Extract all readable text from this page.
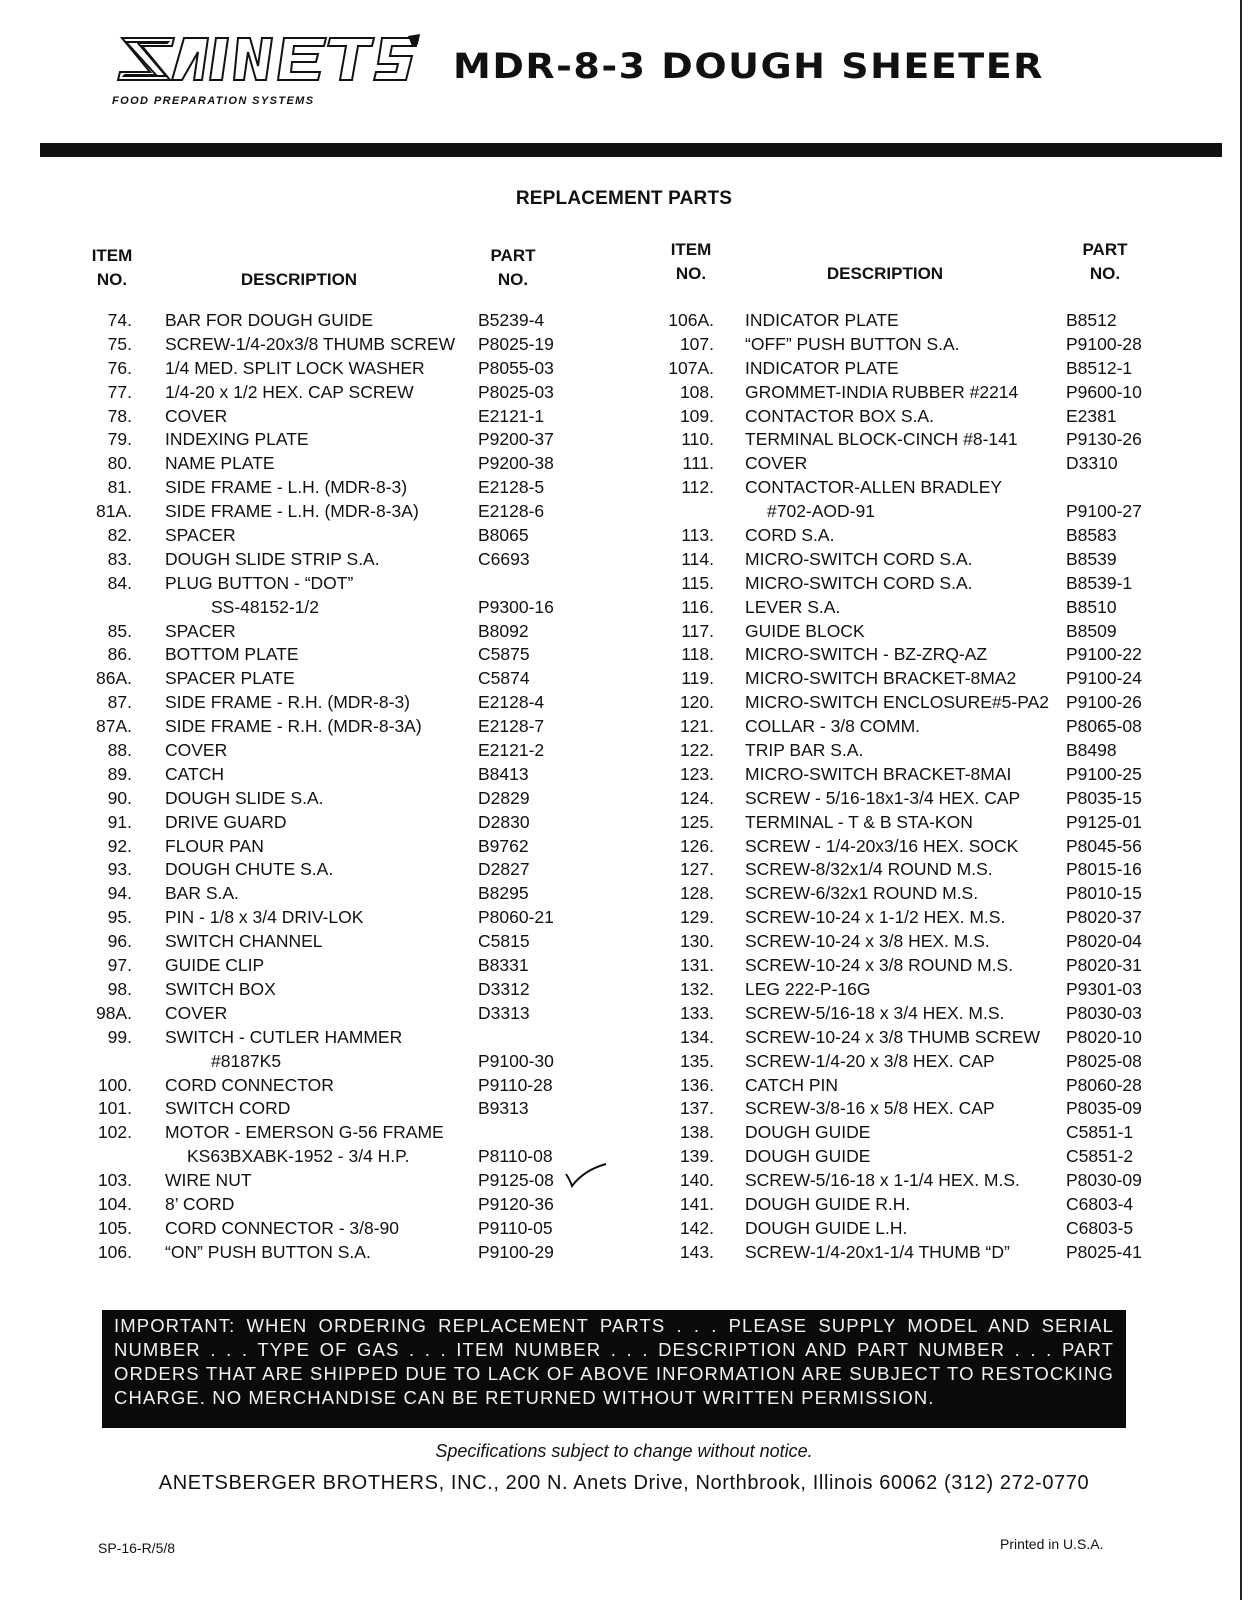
FOOD PREPARATION SYSTEMS
MDR-8-3 DOUGH SHEETER
REPLACEMENT PARTS
ITEM
NO.	DESCRIPTION
PART
NO.
ITEM
NO.	DESCRIPTION
PART
NO.
74. BAR FOR DOUGH GUIDE	B5239-4
75. SCREW-1/4-20x3/8 THUMB SCREW P8025-19
76. 1/4 MED. SPLIT LOCK WASHER	P8055-03
77. 1/4-20 x 1/2 HEX. CAP SCREW	P8025-03
78. COVER	E2121-1
79. INDEXING PLATE	P9200-37
80. NAME PLATE	P9200-38
81. SIDE FRAME - L.H. (MDR-8-3)	E2128-5
81A. SIDE FRAME - L.H. (MDR-8-3A)	E2128-6
82. SPACER	B8065
83. DOUGH SLIDE STRIP S.A.	C6693
84. PLUG BUTTON - “DOT”
SS-48152-1/2	P9300-16
85. SPACER	B8092
86. BOTTOM PLATE	C5875
86A. SPACER PLATE	C5874
87. SIDE FRAME - R.H. (MDR-8-3)	E2128-4
87A. SIDE FRAME - R.H. (MDR-8-3A)	E2128-7
88. COVER	E2121-2
89. CATCH	B8413
90. DOUGH SLIDE S.A.	D2829
91. DRIVE GUARD	D2830
92. FLOUR PAN	B9762
93. DOUGH CHUTE S.A.	D2827
94. BAR S.A.	B8295
95. PIN - 1/8 x 3/4 DRIV-LOK	P8060-21
96. SWITCH CHANNEL	C5815
97. GUIDE CLIP	B8331
98. SWITCH BOX	D3312
98A. COVER	D3313
99. SWITCH - CUTLER HAMMER
#8187K5	P9100-30
100. CORD CONNECTOR	P9110-28
101. SWITCH CORD	B9313
102. MOTOR - EMERSON G-56 FRAME
KS63BXABK-1952 - 3/4 H.P.	P8110-08
103. WIRE NUT	P9125-08
104. 8’ CORD	P9120-36
105. CORD CONNECTOR - 3/8-90	P9110-05
106. “ON” PUSH BUTTON S.A.	P9100-29
106A. INDICATOR PLATE	B8512
107. “OFF” PUSH BUTTON S.A.	P9100-28
107A. INDICATOR PLATE	B8512-1
108. GROMMET-INDIA RUBBER #2214	P9600-10
109. CONTACTOR BOX S.A.	E2381
110. TERMINAL BLOCK-CINCH #8-141	P9130-26
111. COVER	D3310
112. CONTACTOR-ALLEN BRADLEY
#702-AOD-91	P9100-27
113. CORD S.A.	B8583
114. MICRO-SWITCH CORD S.A.	B8539
115. MICRO-SWITCH CORD S.A.	B8539-1
116. LEVER S.A.	B8510
117. GUIDE BLOCK	B8509
118. MICRO-SWITCH - BZ-ZRQ-AZ	P9100-22
119. MICRO-SWITCH BRACKET-8MA2	P9100-24
120. MICRO-SWITCH ENCLOSURE#5-PA2 P9100-26
121. COLLAR - 3/8 COMM.	P8065-08
122. TRIP BAR S.A.	B8498
123. MICRO-SWITCH BRACKET-8MAI	P9100-25
124. SCREW - 5/16-18x1-3/4 HEX. CAP	P8035-15
125. TERMINAL - T & B STA-KON	P9125-01
126. SCREW - 1/4-20x3/16 HEX. SOCK	P8045-56
127. SCREW-8/32x1/4 ROUND M.S.	P8015-16
128. SCREW-6/32x1 ROUND M.S.	P8010-15
129. SCREW-10-24 x 1-1/2 HEX. M.S.	P8020-37
130. SCREW-10-24 x 3/8 HEX. M.S.	P8020-04
131. SCREW-10-24 x 3/8 ROUND M.S.	P8020-31
132. LEG 222-P-16G	P9301-03
133. SCREW-5/16-18 x 3/4 HEX. M.S.	P8030-03
134. SCREW-10-24 x 3/8 THUMB SCREW P8020-10
135. SCREW-1/4-20 x 3/8 HEX. CAP	P8025-08
136. CATCH PIN	P8060-28
137. SCREW-3/8-16 x 5/8 HEX. CAP	P8035-09
138. DOUGH GUIDE	C5851-1
139. DOUGH GUIDE	C5851-2
140. SCREW-5/16-18 x 1-1/4 HEX. M.S.	P8030-09
141. DOUGH GUIDE R.H.	C6803-4
142. DOUGH GUIDE L.H.	C6803-5
143. SCREW-1/4-20x1-1/4 THUMB “D”	P8025-41
IMPORTANT: WHEN ORDERING REPLACEMENT PARTS . . . PLEASE SUPPLY MODEL AND SERIAL NUMBER . . . TYPE OF GAS . . . ITEM NUMBER . . . DESCRIPTION AND PART NUMBER . . . PART ORDERS THAT ARE SHIPPED DUE TO LACK OF ABOVE INFORMATION ARE SUBJECT TO RESTOCKING CHARGE. NO MERCHANDISE CAN BE RETURNED WITHOUT WRITTEN PERMISSION.
Specifications subject to change without notice.
ANETSBERGER BROTHERS, INC., 200 N. Anets Drive, Northbrook, Illinois 60062 (312) 272-0770
SP-16-R/5/8	Printed in U.S.A.
